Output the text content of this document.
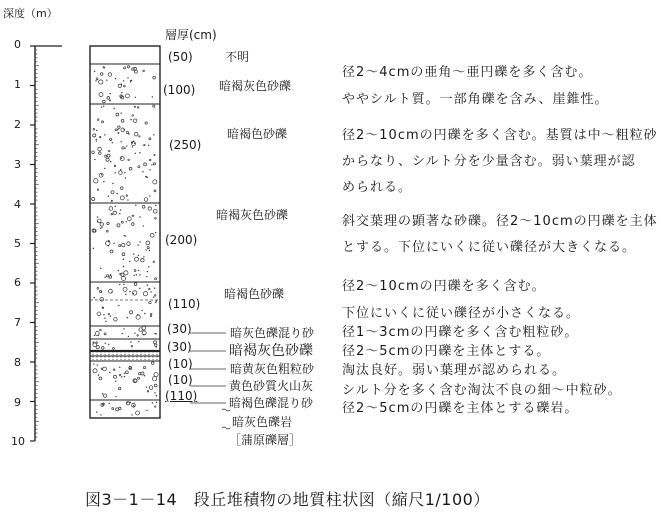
深度（m）
層厚(cm)
0
1
2
3
4
5
6
7
8
9
10
(50)	不明
(100) 暗褐灰色砂礫
(250)
暗褐色砂礫
(200)
暗褐灰色砂礫
(110)
暗褐色砂礫
(30)	暗灰色礫混り砂
(30)	暗褐灰色砂礫
(10)	暗黄灰色粗粒砂
(10)	黄色砂質火山灰
(110)	暗褐色礫混り砂
暗灰色礫岩
［蒲原礫層］
径2～4cmの亜角～亜円礫を多く含む。
ややシルト質。一部角礫を含み、崖錐性。
径2～10cmの円礫を多く含む。基質は中～粗粒砂
からなり、シルト分を少量含む。弱い葉理が認
められる。
斜交葉理の顕著な砂礫。径2～10cmの円礫を主体
とする。下位にいくに従い礫径が大きくなる。
径2～10cmの円礫を多く含む。
下位にいくに従い礫径が小さくなる。
径1～3cmの円礫を多く含む粗粒砂。
径2～5cmの円礫を主体とする。
淘汰良好。弱い葉理が認められる。
シルト分を多く含む淘汰不良の細～中粒砂。
径2～5cmの円礫を主体とする礫岩。
図3－1－14　段丘堆積物の地質柱状図（縮尺1/100）
